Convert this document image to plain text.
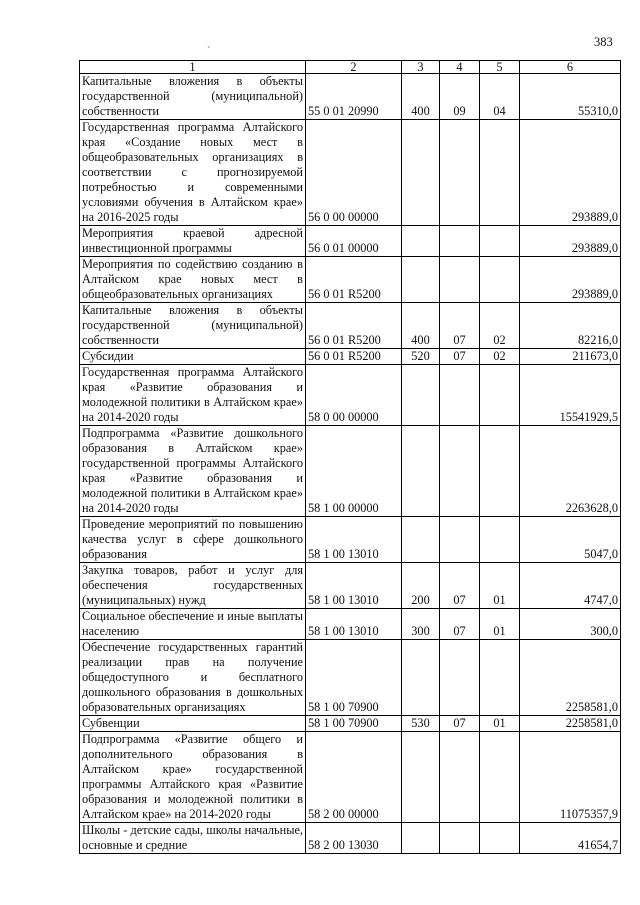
383
`
1	2	3	4	5	6
Капитальные вложения в объекты государственной (муниципальной) собственности	55 0 01 20990	400	09	04	55310,0
Государственная программа Алтайского края «Создание новых мест в общеобразовательных организациях в соответствии с прогнозируемой потребностью и современными условиями обучения в Алтайском крае» на 2016-2025 годы	56 0 00 00000				293889,0
Мероприятия краевой адресной инвестиционной программы	56 0 01 00000				293889,0
Мероприятия по содействию созданию в Алтайском крае новых мест в общеобразовательных организациях	56 0 01 R5200				293889,0
Капитальные вложения в объекты государственной (муниципальной) собственности	56 0 01 R5200	400	07	02	82216,0
Субсидии	56 0 01 R5200	520	07	02	211673,0
Государственная программа Алтайского края «Развитие образования и молодежной политики в Алтайском крае» на 2014-2020 годы	58 0 00 00000				15541929,5
Подпрограмма «Развитие дошкольного образования в Алтайском крае» государственной программы Алтайского края «Развитие образования и молодежной политики в Алтайском крае» на 2014-2020 годы	58 1 00 00000				2263628,0
Проведение мероприятий по повышению качества услуг в сфере дошкольного образования	58 1 00 13010				5047,0
Закупка товаров, работ и услуг для обеспечения государственных (муниципальных) нужд	58 1 00 13010	200	07	01	4747,0
Социальное обеспечение и иные выплаты населению	58 1 00 13010	300	07	01	300,0
Обеспечение государственных гарантий реализации прав на получение общедоступного и бесплатного дошкольного образования в дошкольных образовательных организациях	58 1 00 70900				2258581,0
Субвенции	58 1 00 70900	530	07	01	2258581,0
Подпрограмма «Развитие общего и дополнительного образования в Алтайском крае» государственной программы Алтайского края «Развитие образования и молодежной политики в Алтайском крае» на 2014-2020 годы	58 2 00 00000				11075357,9
Школы - детские сады, школы начальные, основные и средние	58 2 00 13030				41654,7
